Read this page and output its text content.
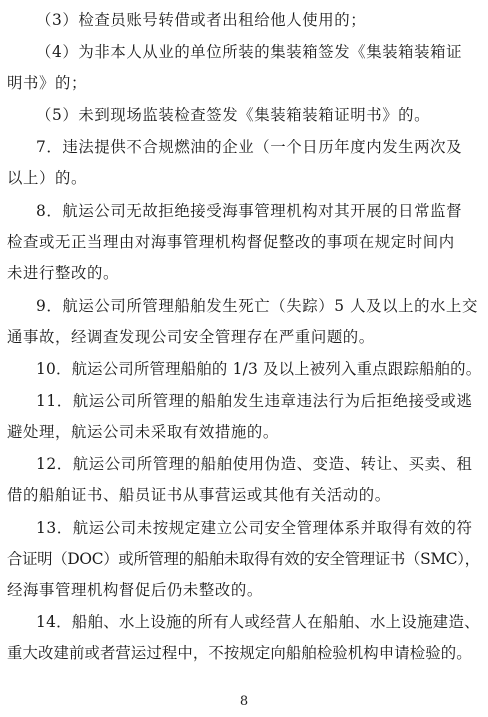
（3）检查员账号转借或者出租给他人使用的；
（4）为非本人从业的单位所装的集装箱签发《集装箱装箱证
明书》的；
（5）未到现场监装检查签发《集装箱装箱证明书》的。
7．违法提供不合规燃油的企业（一个日历年度内发生两次及
以上）的。
8．航运公司无故拒绝接受海事管理机构对其开展的日常监督
检查或无正当理由对海事管理机构督促整改的事项在规定时间内
未进行整改的。
9．航运公司所管理船舶发生死亡（失踪）5 人及以上的水上交
通事故，经调查发现公司安全管理存在严重问题的。
10．航运公司所管理船舶的 1/3 及以上被列入重点跟踪船舶的。
11．航运公司所管理的船舶发生违章违法行为后拒绝接受或逃
避处理，航运公司未采取有效措施的。
12．航运公司所管理的船舶使用伪造、变造、转让、买卖、租
借的船舶证书、船员证书从事营运或其他有关活动的。
13．航运公司未按规定建立公司安全管理体系并取得有效的符
合证明（DOC）或所管理的船舶未取得有效的安全管理证书（SMC），
经海事管理机构督促后仍未整改的。
14．船舶、水上设施的所有人或经营人在船舶、水上设施建造、
重大改建前或者营运过程中，不按规定向船舶检验机构申请检验的。
8
